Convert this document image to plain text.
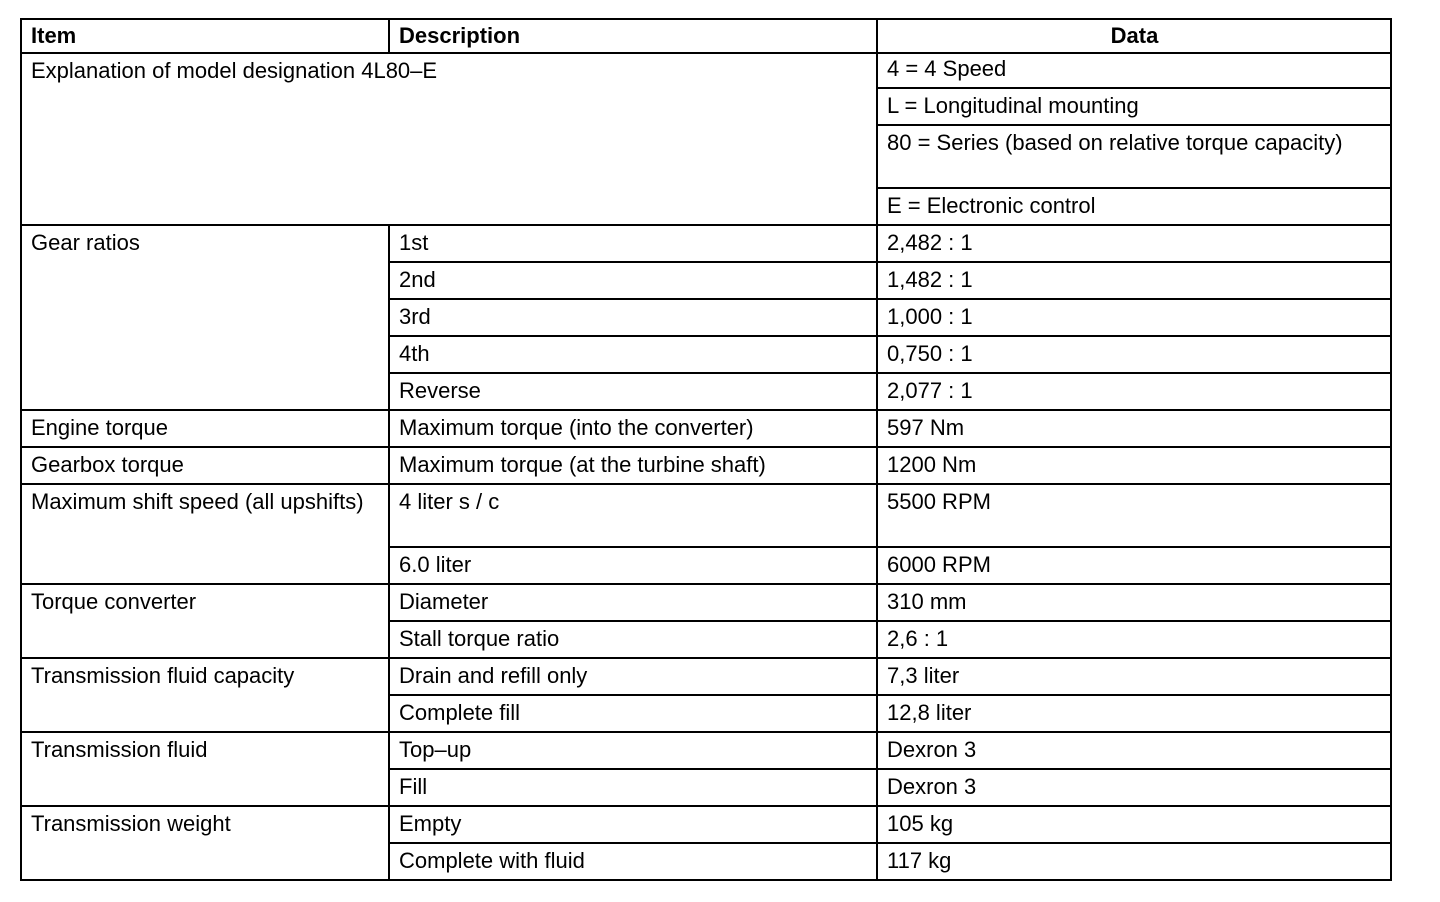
Item	Description	Data
Explanation of model designation 4L80–E		4 = 4 Speed
		L = Longitudinal mounting
		80 = Series (based on relative torque capacity)
		E = Electronic control
Gear ratios	1st	2,482 : 1
	2nd	1,482 : 1
	3rd	1,000 : 1
	4th	0,750 : 1
	Reverse	2,077 : 1
Engine torque	Maximum torque (into the converter)	597 Nm
Gearbox torque	Maximum torque (at the turbine shaft)	1200 Nm
Maximum shift speed (all upshifts)	4 liter s / c	5500 RPM
	6.0 liter	6000 RPM
Torque converter	Diameter	310 mm
	Stall torque ratio	2,6 : 1
Transmission fluid capacity	Drain and refill only	7,3 liter
	Complete fill	12,8 liter
Transmission fluid	Top–up	Dexron 3
	Fill	Dexron 3
Transmission weight	Empty	105 kg
	Complete with fluid	117 kg
